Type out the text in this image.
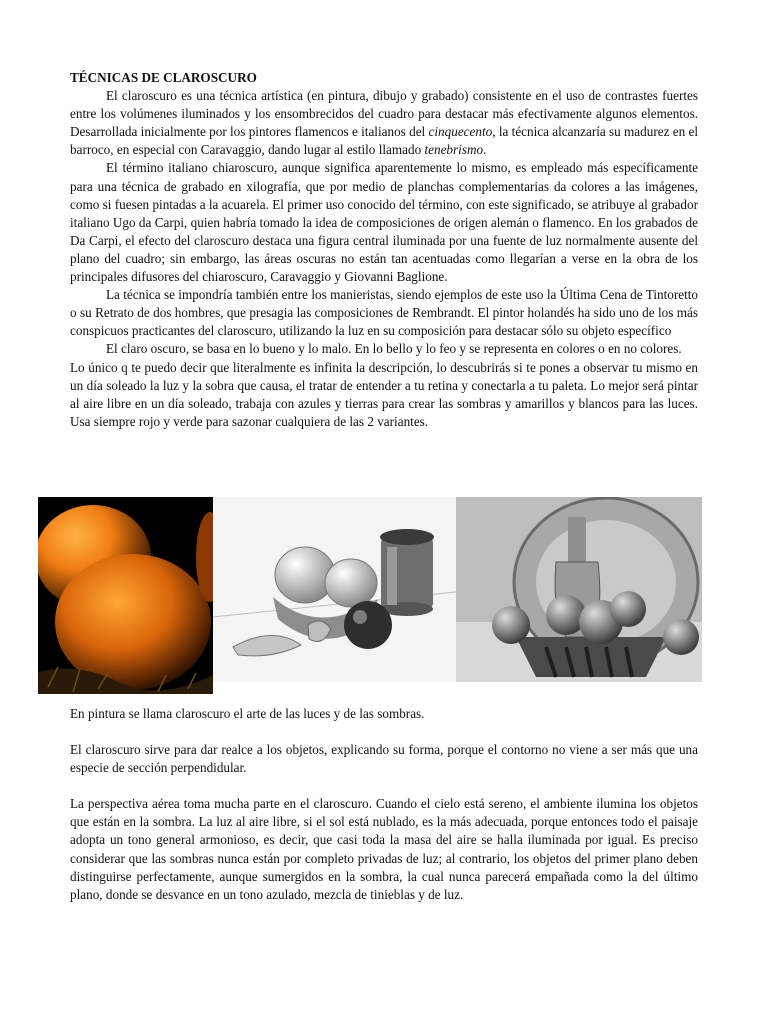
TÉCNICAS DE CLAROSCURO

El claroscuro es una técnica artística (en pintura, dibujo y grabado) consistente en el uso de contrastes fuertes entre los volúmenes iluminados y los ensombrecidos del cuadro para destacar más efectivamente algunos elementos. Desarrollada inicialmente por los pintores flamencos e italianos del cinquecento, la técnica alcanzaría su madurez en el barroco, en especial con Caravaggio, dando lugar al estilo llamado tenebrismo.

El término italiano chiaroscuro, aunque significa aparentemente lo mismo, es empleado más específicamente para una técnica de grabado en xilografía, que por medio de planchas complementarias da colores a las imágenes, como si fuesen pintadas a la acuarela. El primer uso conocido del término, con este significado, se atribuye al grabador italiano Ugo da Carpi, quien habría tomado la idea de composiciones de origen alemán o flamenco. En los grabados de Da Carpi, el efecto del claroscuro destaca una figura central iluminada por una fuente de luz normalmente ausente del plano del cuadro; sin embargo, las áreas oscuras no están tan acentuadas como llegarían a verse en la obra de los principales difusores del chiaroscuro, Caravaggio y Giovanni Baglione.

La técnica se impondría también entre los manieristas, siendo ejemplos de este uso la Última Cena de Tintoretto o su Retrato de dos hombres, que presagia las composiciones de Rembrandt. El pintor holandés ha sido uno de los más conspicuos practicantes del claroscuro, utilizando la luz en su composición para destacar sólo su objeto específico

El claro oscuro, se basa en lo bueno y lo malo. En lo bello y lo feo y se representa en colores o en no colores.

Lo único q te puedo decir que literalmente es infinita la descripción, lo descubrirás si te pones a observar tu mismo en un día soleado la luz y la sobra que causa, el tratar de entender a tu retina y conectarla a tu paleta. Lo mejor será pintar al aire libre en un día soleado, trabaja con azules y tierras para crear las sombras y amarillos y blancos para las luces. Usa siempre rojo y verde para sazonar cualquiera de las 2 variantes.

En pintura se llama claroscuro el arte de las luces y de las sombras.

El claroscuro sirve para dar realce a los objetos, explicando su forma, porque el contorno no viene a ser más que una especie de sección perpendidular.

La perspectiva aérea toma mucha parte en el claroscuro. Cuando el cielo está sereno, el ambiente ilumina los objetos que están en la sombra. La luz al aire libre, si el sol está nublado, es la más adecuada, porque entonces todo el paisaje adopta un tono general armonioso, es decir, que casi toda la masa del aire se halla iluminada por igual. Es preciso considerar que las sombras nunca están por completo privadas de luz; al contrario, los objetos del primer plano deben distinguirse perfectamente, aunque sumergidos en la sombra, la cual nunca parecerá empañada como la del último plano, donde se desvance en un tono azulado, mezcla de tinieblas y de luz.
